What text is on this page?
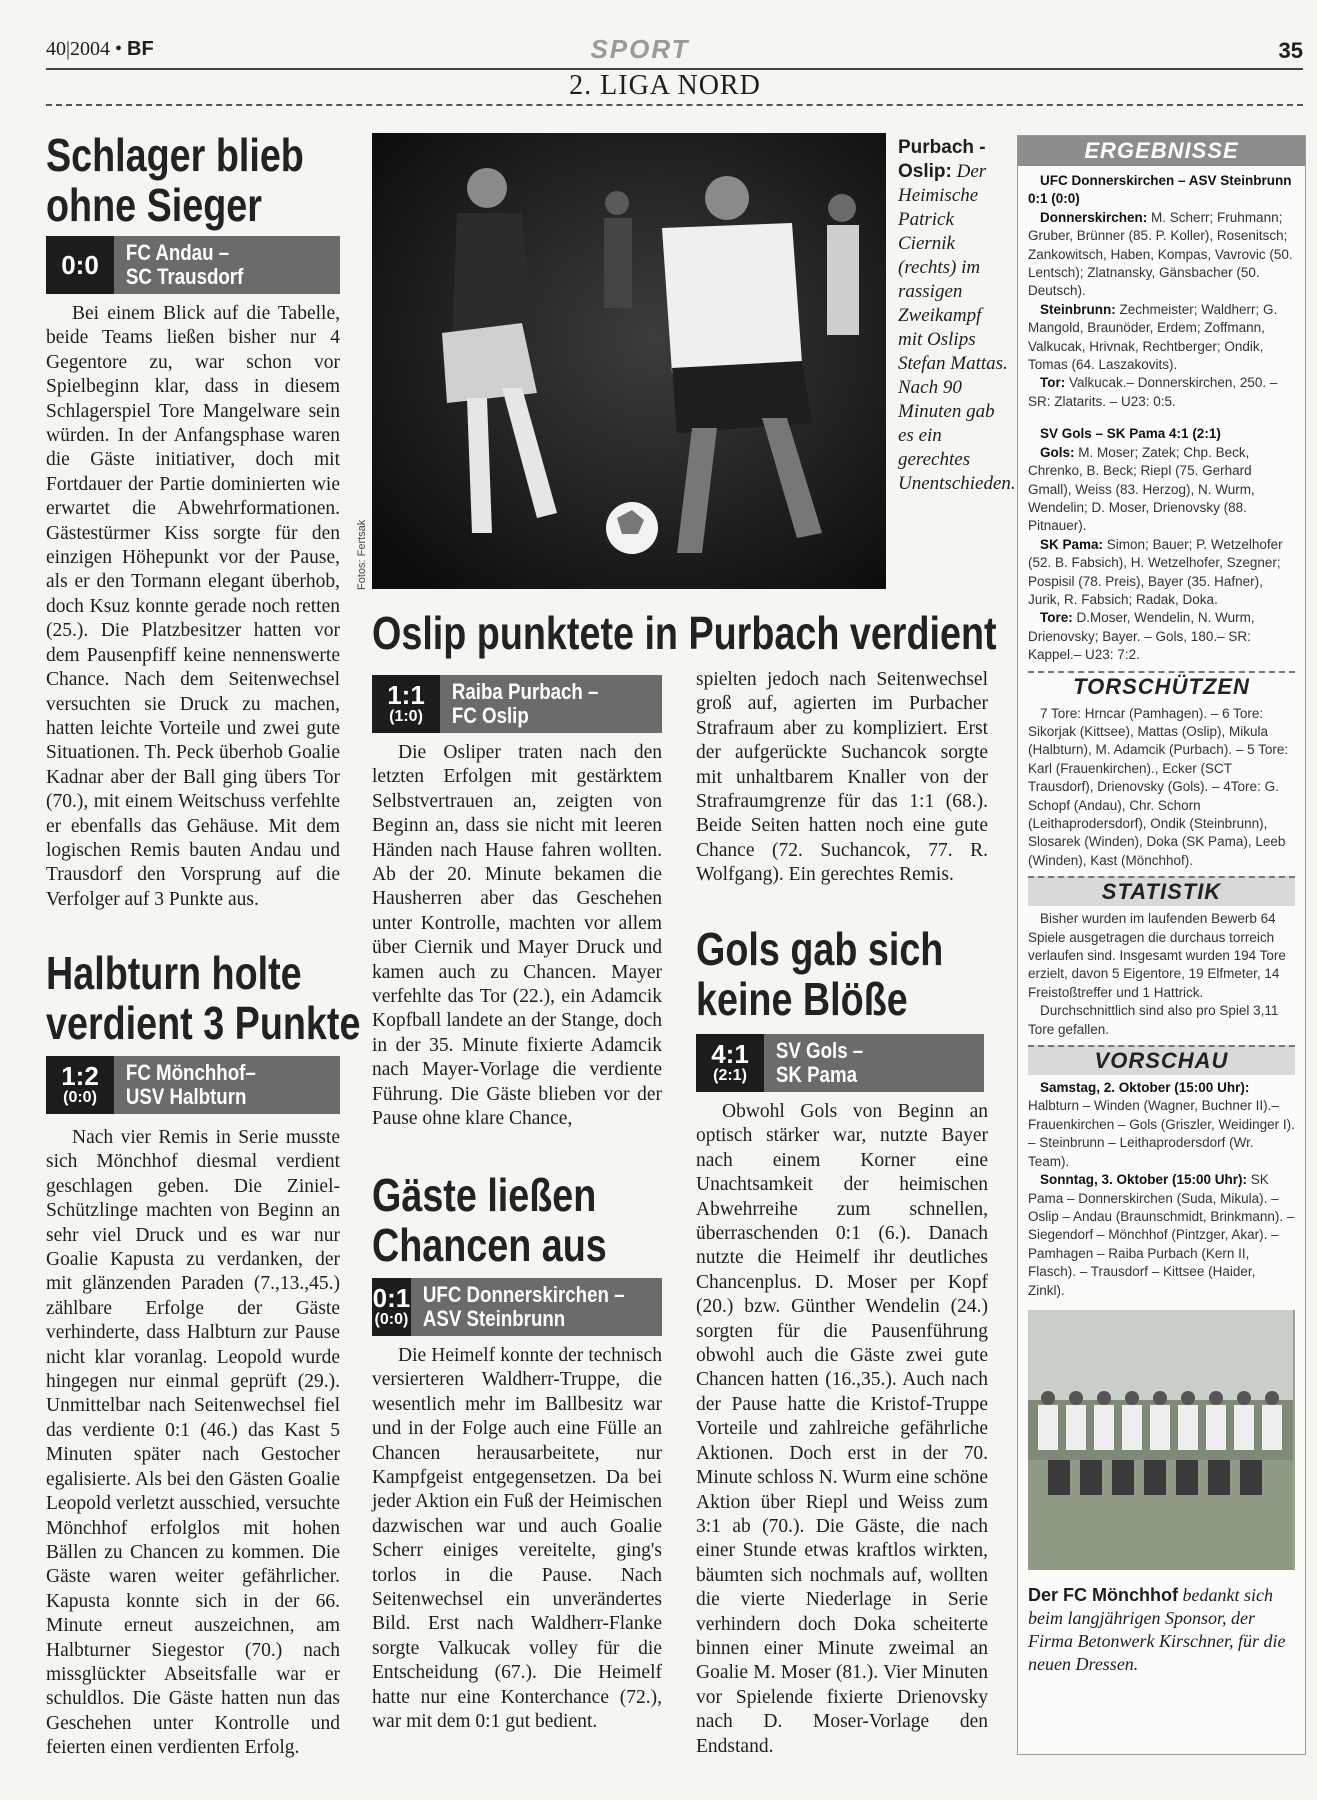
40|2004 • BF	SPORT	35
2. LIGA NORD
Schlager blieb
ohne Sieger
0:0 FC Andau –
SC Trausdorf

Bei einem Blick auf die Tabelle, beide Teams ließen bisher nur 4 Gegentore zu, war schon vor Spielbeginn klar, dass in diesem Schlagerspiel Tore Mangelware sein würden. In der Anfangsphase waren die Gäste initiativer, doch mit Fortdauer der Partie dominierten wie erwartet die Abwehrformationen. Gästestürmer Kiss sorgte für den einzigen Höhepunkt vor der Pause, als er den Tormann elegant überhob, doch Ksuz konnte gerade noch retten (25.). Die Platzbesitzer hatten vor dem Pausenpfiff keine nennenswerte Chance. Nach dem Seitenwechsel versuchten sie Druck zu machen, hatten leichte Vorteile und zwei gute Situationen. Th. Peck überhob Goalie Kadnar aber der Ball ging übers Tor (70.), mit einem Weitschuss verfehlte er ebenfalls das Gehäuse. Mit dem logischen Remis bauten Andau und Trausdorf den Vorsprung auf die Verfolger auf 3 Punkte aus.

Halbturn holte
verdient 3 Punkte
1:2
(0:0)
FC Mönchhof–
USV Halbturn

Nach vier Remis in Serie musste sich Mönchhof diesmal verdient geschlagen geben. Die Ziniel-Schützlinge machten von Beginn an sehr viel Druck und es war nur Goalie Kapusta zu verdanken, der mit glänzenden Paraden (7.,13.,45.) zählbare Erfolge der Gäste verhinderte, dass Halbturn zur Pause nicht klar voranlag. Leopold wurde hingegen nur einmal geprüft (29.). Unmittelbar nach Seitenwechsel fiel das verdiente 0:1 (46.) das Kast 5 Minuten später nach Gestocher egalisierte. Als bei den Gästen Goalie Leopold verletzt ausschied, versuchte Mönchhof erfolglos mit hohen Bällen zu Chancen zu kommen. Die Gäste waren weiter gefährlicher. Kapusta konnte sich in der 66. Minute erneut auszeichnen, am Halbturner Siegestor (70.) nach missglückter Abseitsfalle war er schuldlos. Die Gäste hatten nun das Geschehen unter Kontrolle und feierten einen verdienten Erfolg.

Fotos: Fertsak
Purbach - Oslip: Der Heimische Patrick Ciernik (rechts) im rassigen Zweikampf mit Oslips Stefan Mattas. Nach 90 Minuten gab es ein gerechtes Unentschieden.
Oslip punktete in Purbach verdient
1:1
(1:0)
Raiba Purbach –
FC Oslip

Die Osliper traten nach den letzten Erfolgen mit gestärktem Selbstvertrauen an, zeigten von Beginn an, dass sie nicht mit leeren Händen nach Hause fahren wollten. Ab der 20. Minute bekamen die Hausherren aber das Geschehen unter Kontrolle, machten vor allem über Ciernik und Mayer Druck und kamen auch zu Chancen. Mayer verfehlte das Tor (22.), ein Adamcik Kopfball landete an der Stange, doch in der 35. Minute fixierte Adamcik nach Mayer-Vorlage die verdiente Führung. Die Gäste blieben vor der Pause ohne klare Chance,

spielten jedoch nach Seitenwechsel groß auf, agierten im Purbacher Strafraum aber zu kompliziert. Erst der aufgerückte Suchancok sorgte mit unhaltbarem Knaller von der Strafraumgrenze für das 1:1 (68.). Beide Seiten hatten noch eine gute Chance (72. Suchancok, 77. R. Wolfgang). Ein gerechtes Remis.

Gäste ließen
Chancen aus
0:1
(0:0)
UFC Donnerskirchen –
ASV Steinbrunn

Die Heimelf konnte der technisch versierteren Waldherr-Truppe, die wesentlich mehr im Ballbesitz war und in der Folge auch eine Fülle an Chancen herausarbeitete, nur Kampfgeist entgegensetzen. Da bei jeder Aktion ein Fuß der Heimischen dazwischen war und auch Goalie Scherr einiges vereitelte, ging's torlos in die Pause. Nach Seitenwechsel ein unverändertes Bild. Erst nach Waldherr-Flanke sorgte Valkucak volley für die Entscheidung (67.). Die Heimelf hatte nur eine Konterchance (72.), war mit dem 0:1 gut bedient.

Gols gab sich
keine Blöße
4:1
(2:1)
SV Gols –
SK Pama

Obwohl Gols von Beginn an optisch stärker war, nutzte Bayer nach einem Korner eine Unachtsamkeit der heimischen Abwehrreihe zum schnellen, überraschenden 0:1 (6.). Danach nutzte die Heimelf ihr deutliches Chancenplus. D. Moser per Kopf (20.) bzw. Günther Wendelin (24.) sorgten für die Pausenführung obwohl auch die Gäste zwei gute Chancen hatten (16.,35.). Auch nach der Pause hatte die Kristof-Truppe Vorteile und zahlreiche gefährliche Aktionen. Doch erst in der 70. Minute schloss N. Wurm eine schöne Aktion über Riepl und Weiss zum 3:1 ab (70.). Die Gäste, die nach einer Stunde etwas kraftlos wirkten, bäumten sich nochmals auf, wollten die vierte Niederlage in Serie verhindern doch Doka scheiterte binnen einer Minute zweimal an Goalie M. Moser (81.). Vier Minuten vor Spielende fixierte Drienovsky nach D. Moser-Vorlage den Endstand.

ERGEBNISSE
UFC Donnerskirchen – ASV Steinbrunn 0:1 (0:0)

Donnerskirchen: M. Scherr; Fruhmann; Gruber, Brünner (85. P. Koller), Rosenitsch; Zankowitsch, Haben, Kompas, Vavrovic (50. Lentsch); Zlatnansky, Gänsbacher (50. Deutsch).

Steinbrunn: Zechmeister; Waldherr; G. Mangold, Braunöder, Erdem; Zoffmann, Valkucak, Hrivnak, Rechtberger; Ondik, Tomas (64. Laszakovits).

Tor: Valkucak.– Donnerskirchen, 250. – SR: Zlatarits. – U23: 0:5.

SV Gols – SK Pama 4:1 (2:1)

Gols: M. Moser; Zatek; Chp. Beck, Chrenko, B. Beck; Riepl (75. Gerhard Gmall), Weiss (83. Herzog), N. Wurm, Wendelin; D. Moser, Drienovsky (88. Pitnauer).

SK Pama: Simon; Bauer; P. Wetzelhofer (52. B. Fabsich), H. Wetzelhofer, Szegner; Pospisil (78. Preis), Bayer (35. Hafner), Jurik, R. Fabsich; Radak, Doka.

Tore: D.Moser, Wendelin, N. Wurm, Drienovsky; Bayer. – Gols, 180.– SR: Kappel.– U23: 7:2.

TORSCHÜTZEN

7 Tore: Hrncar (Pamhagen). – 6 Tore: Sikorjak (Kittsee), Mattas (Oslip), Mikula (Halbturn), M. Adamcik (Purbach). – 5 Tore: Karl (Frauenkirchen)., Ecker (SCT Trausdorf), Drienovsky (Gols). – 4Tore: G. Schopf (Andau), Chr. Schorn (Leithaprodersdorf), Ondik (Steinbrunn), Slosarek (Winden), Doka (SK Pama), Leeb (Winden), Kast (Mönchhof).

STATISTIK

Bisher wurden im laufenden Bewerb 64 Spiele ausgetragen die durchaus torreich verlaufen sind. Insgesamt wurden 194 Tore erzielt, davon 5 Eigentore, 19 Elfmeter, 14 Freistoßtreffer und 1 Hattrick.

Durchschnittlich sind also pro Spiel 3,11 Tore gefallen.

VORSCHAU

Samstag, 2. Oktober (15:00 Uhr): Halbturn – Winden (Wagner, Buchner II).– Frauenkirchen – Gols (Griszler, Weidinger I). – Steinbrunn – Leithaprodersdorf (Wr. Team).

Sonntag, 3. Oktober (15:00 Uhr): SK Pama – Donnerskirchen (Suda, Mikula). – Oslip – Andau (Braunschmidt, Brinkmann). – Siegendorf – Mönchhof (Pintzger, Akar). – Pamhagen – Raiba Purbach (Kern II, Flasch). – Trausdorf – Kittsee (Haider, Zinkl).

Der FC Mönchhof bedankt sich beim langjährigen Sponsor, der Firma Betonwerk Kirschner, für die neuen Dressen.
